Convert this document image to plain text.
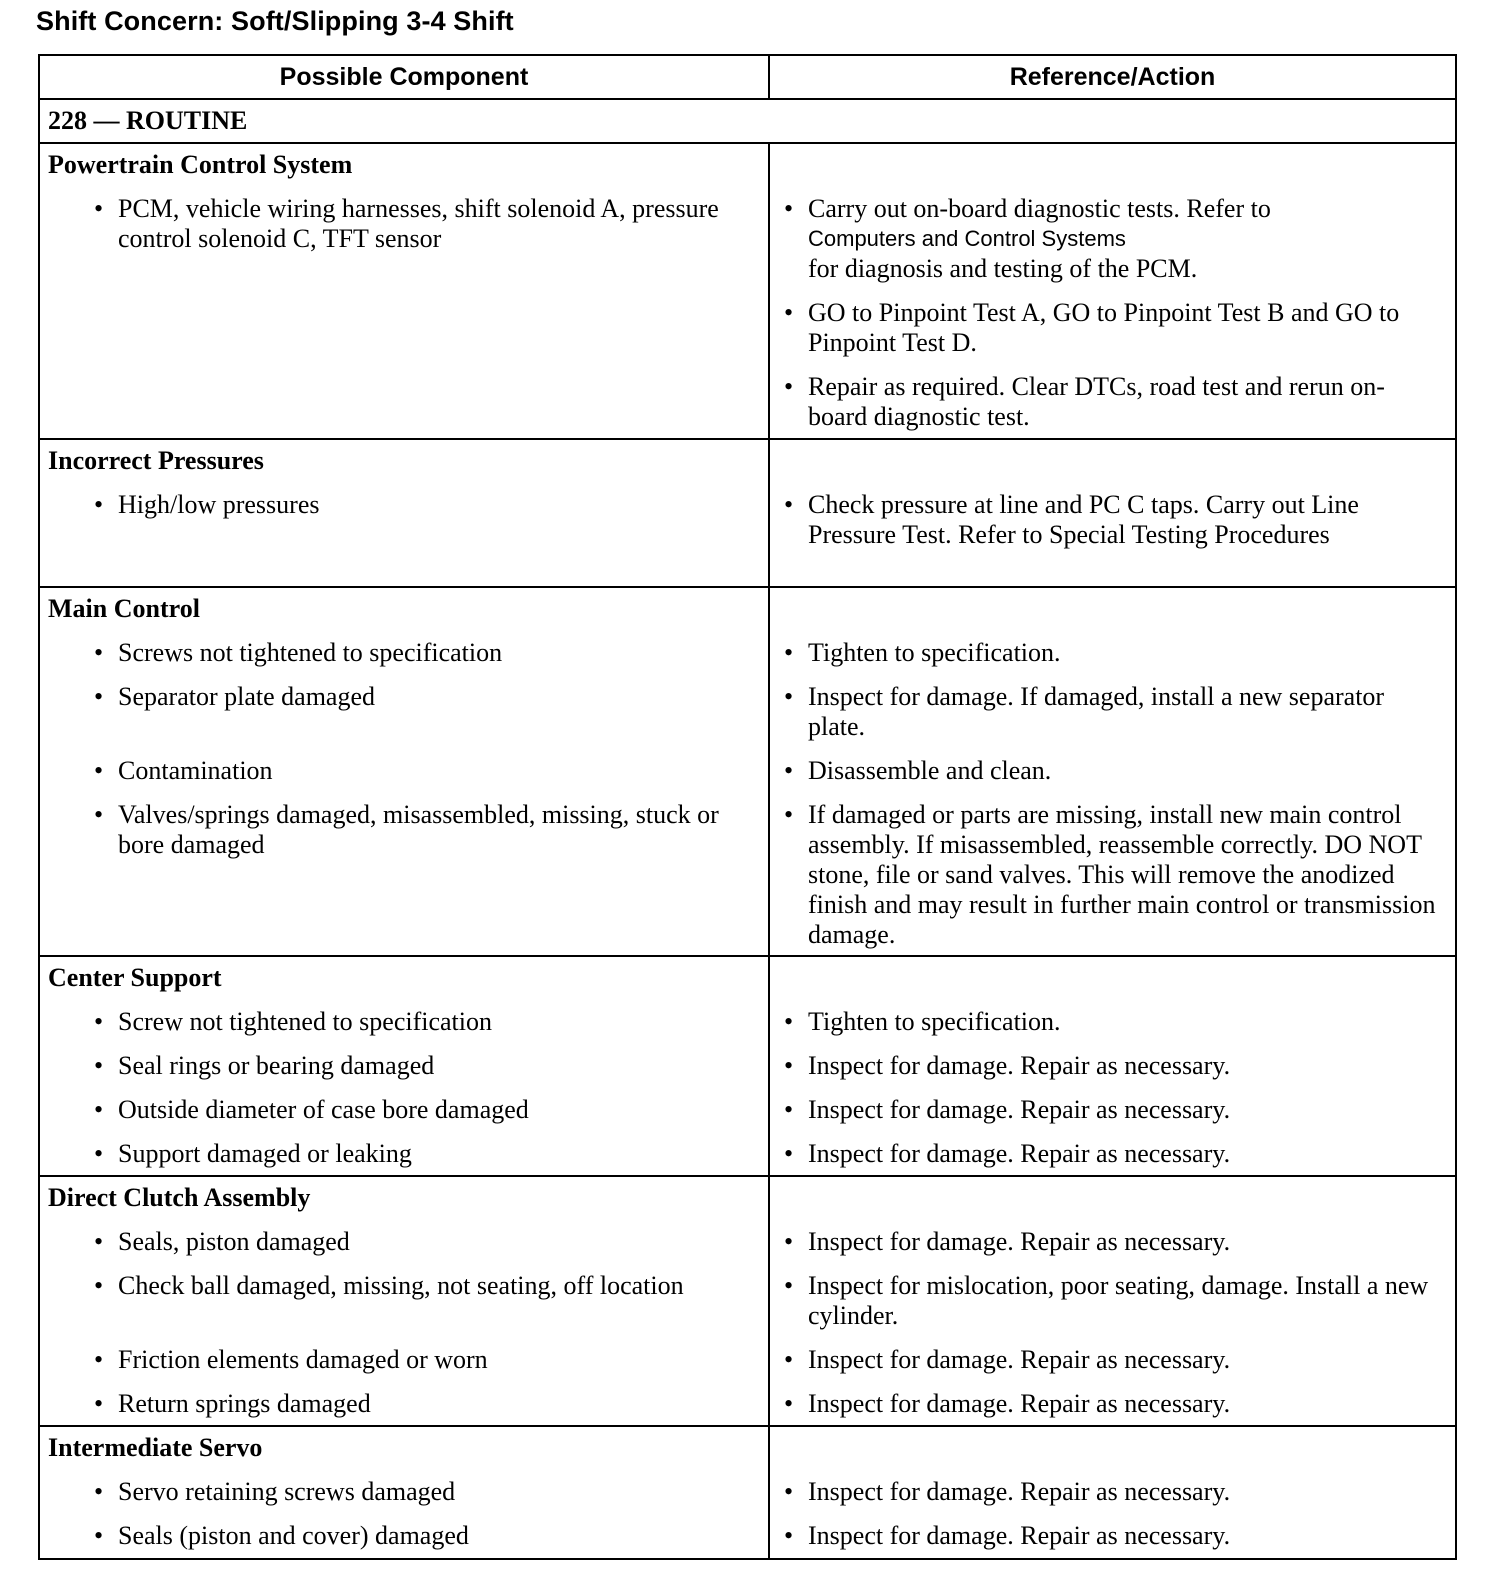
Shift Concern: Soft/Slipping 3-4 Shift
Possible Component	Reference/Action
228 — ROUTINE
Powertrain Control System
• PCM, vehicle wiring harnesses, shift solenoid A, pressure control solenoid C, TFT sensor
• Carry out on-board diagnostic tests. Refer to
Computers and Control Systems
for diagnosis and testing of the PCM.
• GO to Pinpoint Test A, GO to Pinpoint Test B and GO to Pinpoint Test D.
• Repair as required. Clear DTCs, road test and rerun on-board diagnostic test.
Incorrect Pressures
• High/low pressures	• Check pressure at line and PC C taps. Carry out Line Pressure Test. Refer to Special Testing Procedures
Main Control
• Screws not tightened to specification
• Separator plate damaged
• Contamination
• Valves/springs damaged, misassembled, missing, stuck or bore damaged
• Tighten to specification.
• Inspect for damage. If damaged, install a new separator plate.
• Disassemble and clean.
• If damaged or parts are missing, install new main control assembly. If misassembled, reassemble correctly. DO NOT stone, file or sand valves. This will remove the anodized finish and may result in further main control or transmission damage.
Center Support
• Screw not tightened to specification
• Seal rings or bearing damaged
• Outside diameter of case bore damaged
• Support damaged or leaking
• Tighten to specification.
• Inspect for damage. Repair as necessary.
• Inspect for damage. Repair as necessary.
• Inspect for damage. Repair as necessary.
Direct Clutch Assembly
• Seals, piston damaged
• Check ball damaged, missing, not seating, off location
• Friction elements damaged or worn
• Return springs damaged
• Inspect for damage. Repair as necessary.
• Inspect for mislocation, poor seating, damage. Install a new cylinder.
• Inspect for damage. Repair as necessary.
• Inspect for damage. Repair as necessary.
Intermediate Servo
• Servo retaining screws damaged
• Seals (piston and cover) damaged
• Inspect for damage. Repair as necessary.
• Inspect for damage. Repair as necessary.
